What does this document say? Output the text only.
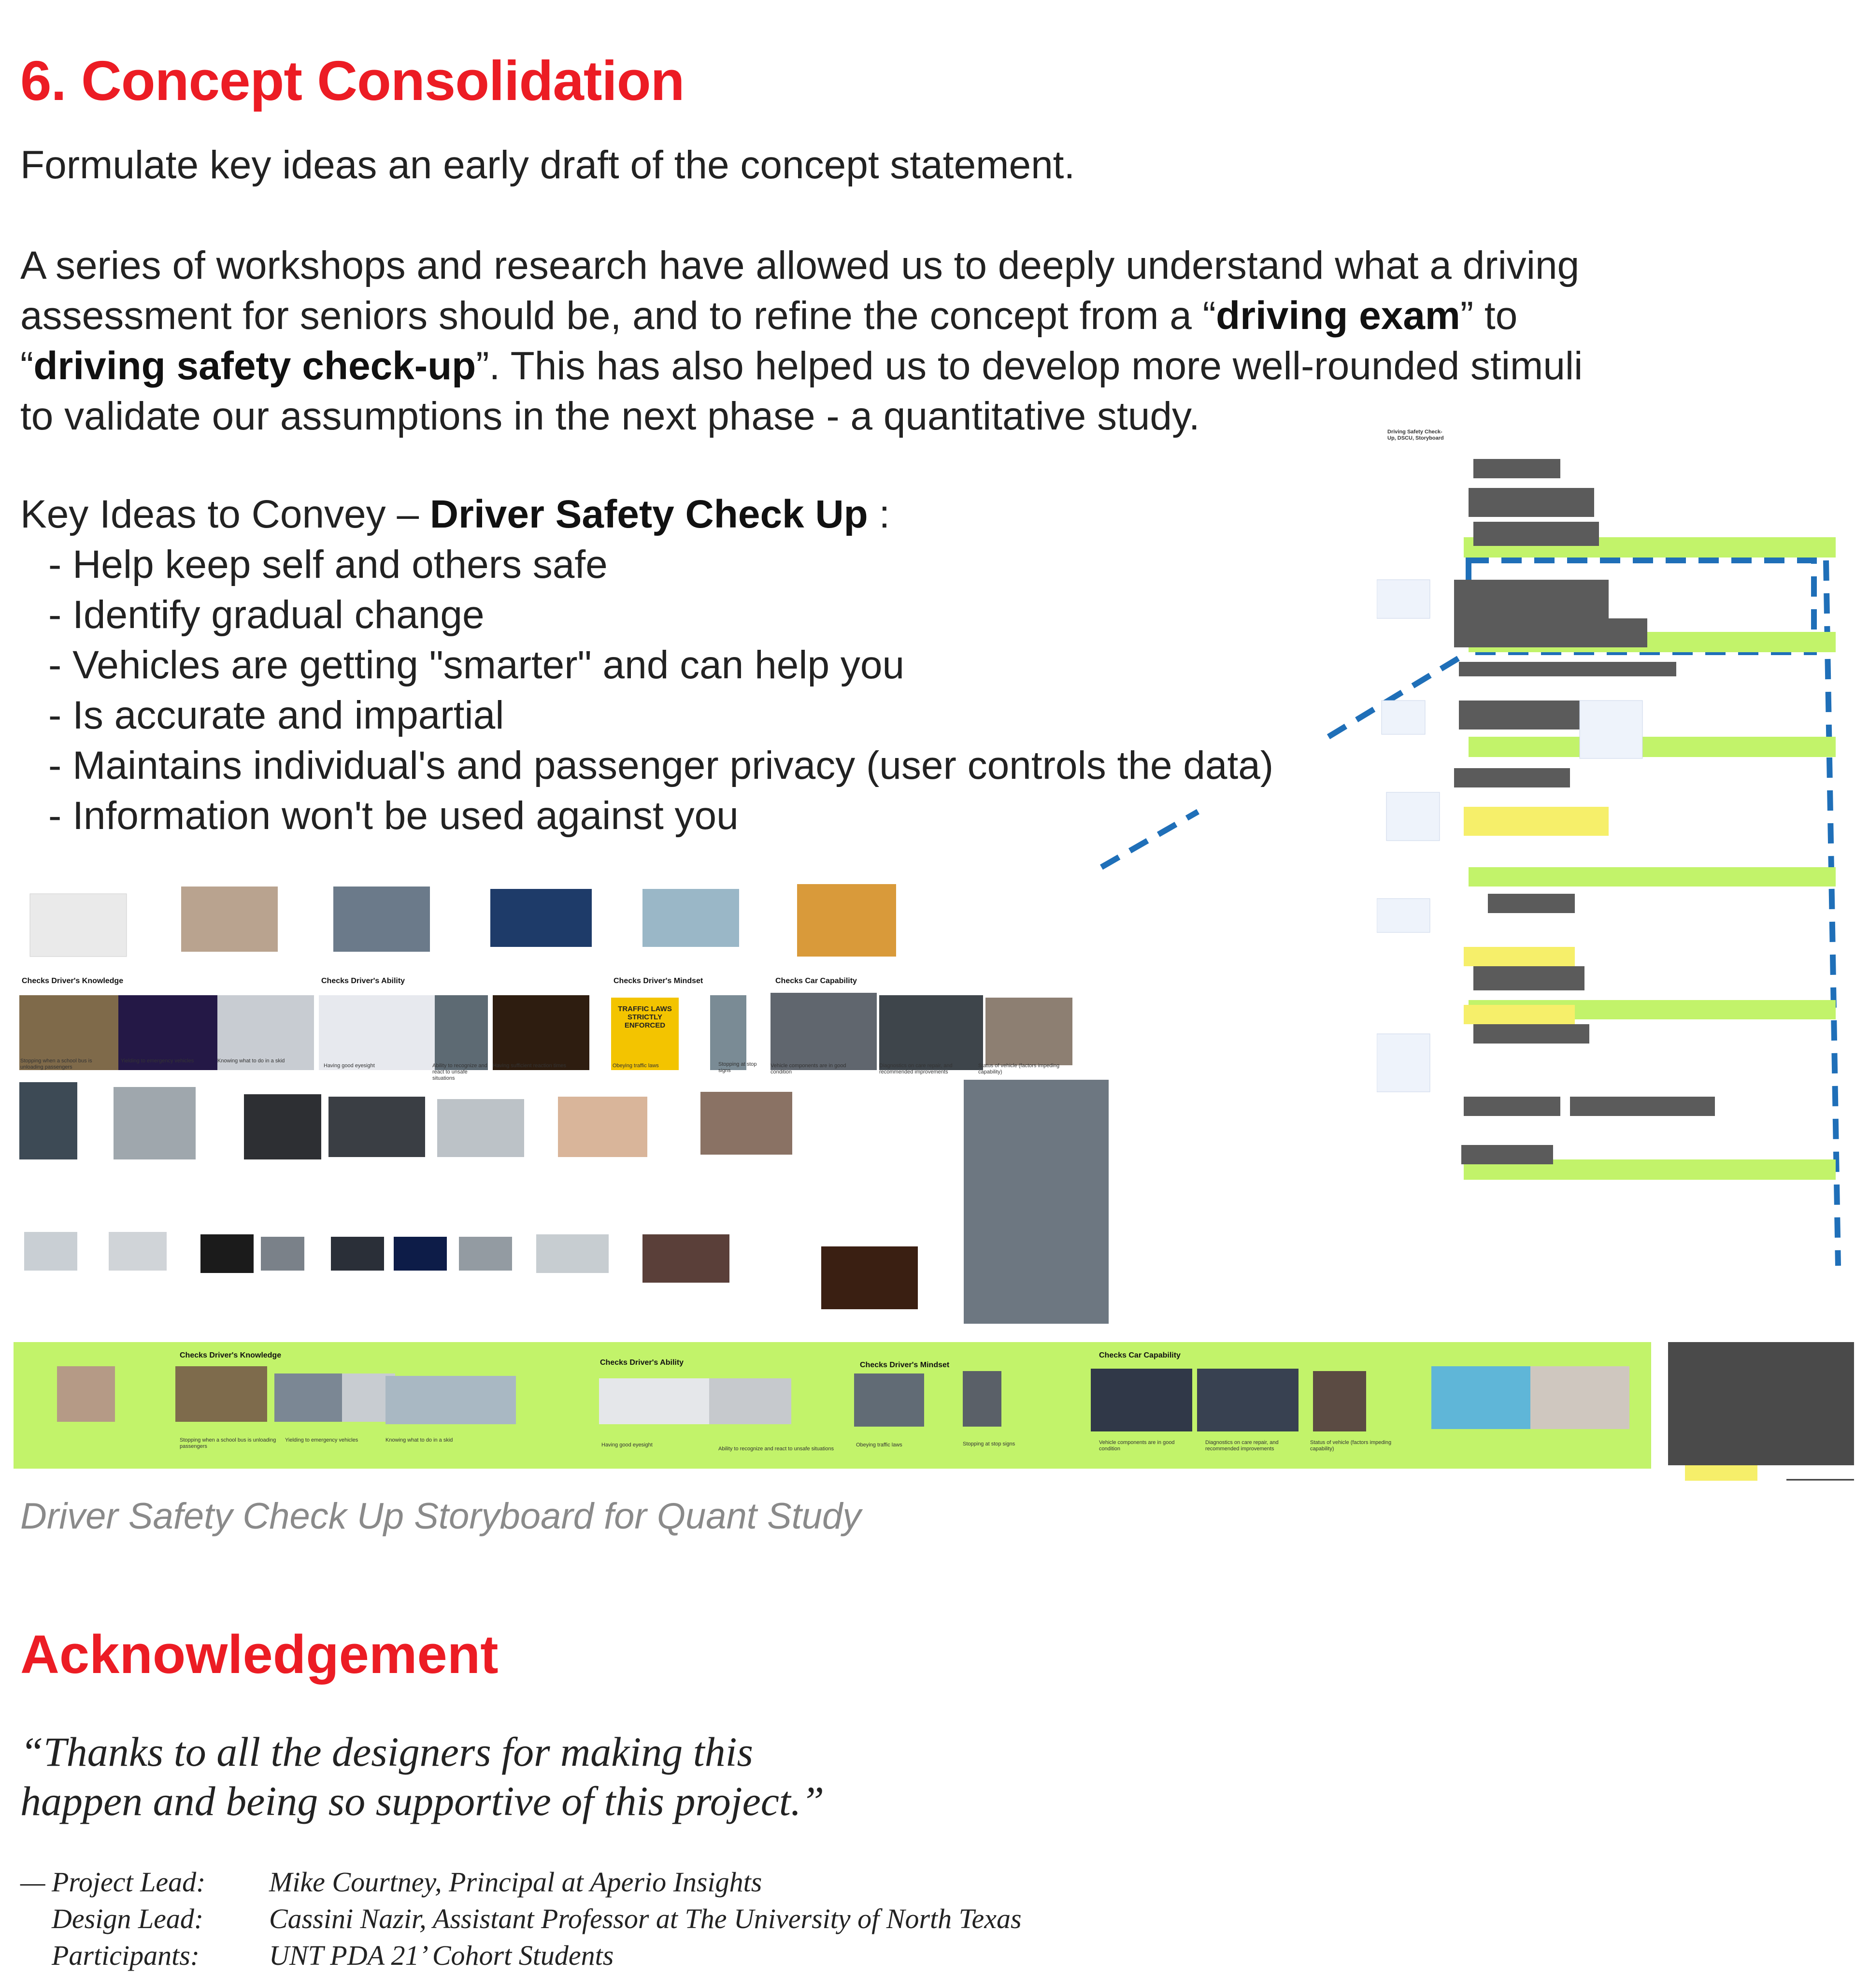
6. Concept Consolidation
Formulate key ideas an early draft of the concept statement.
A series of workshops and research have allowed us to deeply understand what a driving
assessment for seniors should be, and to refine the concept from a “driving exam” to
“driving safety check-up”. This has also helped us to develop more well-rounded stimuli
to validate our assumptions in the next phase - a quantitative study.
Key Ideas to Convey – Driver Safety Check Up :
- Help keep self and others safe
- Identify gradual change
- Vehicles are getting "smarter" and can help you
- Is accurate and impartial
- Maintains individual's and passenger privacy (user controls the data)
- Information won't be used against you
Driving Safety Check-Up, DSCU, Storyboard
Checks Driver's Knowledge	Checks Driver's Ability	Checks Driver's Mindset	Checks Car Capability
TRAFFIC LAWS STRICTLY ENFORCED
Stopping when a school bus is unloading passengers
Yielding to emergency vehicles	Knowing what to do in a skid
Having good eyesight	Ability to recognize and react to unsafe situations
Having sufficient reaction times	Obeying traffic laws	Stopping at stop signs
Vehicle components are in good condition
Diagnostics on care repair, and recommended improvements
Status of vehicle (factors impeding capability)
Checks Driver's Knowledge
Checks Driver's Ability	Checks Driver's Mindset
Checks Car Capability
Stopping when a school bus is unloading passengers
Yielding to emergency vehicles	Knowing what to do in a skid
Having good eyesight
Ability to recognize and react to unsafe situations
Obeying traffic laws	Stopping at stop signs	Vehicle components are in good condition
Diagnostics on care repair, and recommended improvements
Status of vehicle (factors impeding capability)
Driver Safety Check Up Storyboard for Quant Study
Acknowledgement
“Thanks to all the designers for making this
happen and being so supportive of this project.”
— Project Lead:	Mike Courtney, Principal at Aperio Insights
Design Lead:	Cassini Nazir, Assistant Professor at The University of North Texas
Participants:	UNT PDA 21’ Cohort Students
